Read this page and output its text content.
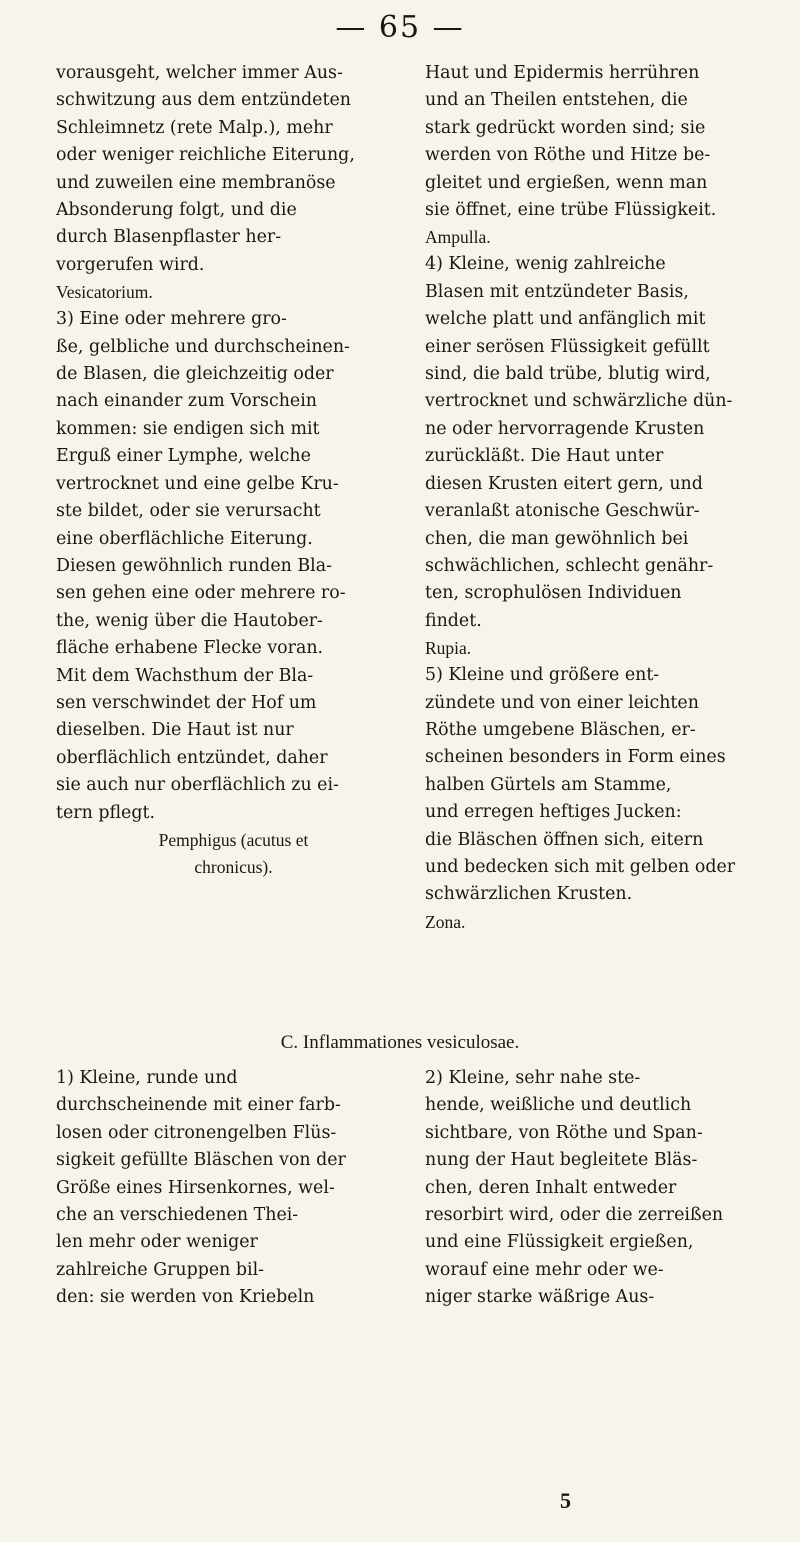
— 65 —

vorausgeht, welcher immer Aus-
schwitzung aus dem entzündeten
Schleimnetz (rete Malp.), mehr
oder weniger reichliche Eiterung,
und zuweilen eine membranöse
Absonderung folgt, und die
durch Blasenpflaster her-
vorgerufen wird.

Vesicatorium.

3) Eine oder mehrere gro-
ße, gelbliche und durchscheinen-
de Blasen, die gleichzeitig oder
nach einander zum Vorschein
kommen: sie endigen sich mit
Erguß einer Lymphe, welche
vertrocknet und eine gelbe Kru-
ste bildet, oder sie verursacht
eine oberflächliche Eiterung.
Diesen gewöhnlich runden Bla-
sen gehen eine oder mehrere ro-
the, wenig über die Hautober-
fläche erhabene Flecke voran.
Mit dem Wachsthum der Bla-
sen verschwindet der Hof um
dieselben. Die Haut ist nur
oberflächlich entzündet, daher
sie auch nur oberflächlich zu ei-
tern pflegt.

Pemphigus (acutus et
chronicus).

Haut und Epidermis herrühren
und an Theilen entstehen, die
stark gedrückt worden sind; sie
werden von Röthe und Hitze be-
gleitet und ergießen, wenn man
sie öffnet, eine trübe Flüssigkeit.

Ampulla.

4) Kleine, wenig zahlreiche
Blasen mit entzündeter Basis,
welche platt und anfänglich mit
einer serösen Flüssigkeit gefüllt
sind, die bald trübe, blutig wird,
vertrocknet und schwärzliche dün-
ne oder hervorragende Krusten
zurückläßt. Die Haut unter
diesen Krusten eitert gern, und
veranlaßt atonische Geschwür-
chen, die man gewöhnlich bei
schwächlichen, schlecht genähr-
ten, scrophulösen Individuen
findet.

Rupia.

5) Kleine und größere ent-
zündete und von einer leichten
Röthe umgebene Bläschen, er-
scheinen besonders in Form eines
halben Gürtels am Stamme,
und erregen heftiges Jucken:
die Bläschen öffnen sich, eitern
und bedecken sich mit gelben oder
schwärzlichen Krusten.

Zona.

C. Inflammationes vesiculosae.

1) Kleine, runde und
durchscheinende mit einer farb-
losen oder citronengelben Flüs-
sigkeit gefüllte Bläschen von der
Größe eines Hirsenkornes, wel-
che an verschiedenen Thei-
len mehr oder weniger
zahlreiche Gruppen bil-
den: sie werden von Kriebeln

2) Kleine, sehr nahe ste-
hende, weißliche und deutlich
sichtbare, von Röthe und Span-
nung der Haut begleitete Bläs-
chen, deren Inhalt entweder
resorbirt wird, oder die zerreißen
und eine Flüssigkeit ergießen,
worauf eine mehr oder we-
niger starke wäßrige Aus-

5
